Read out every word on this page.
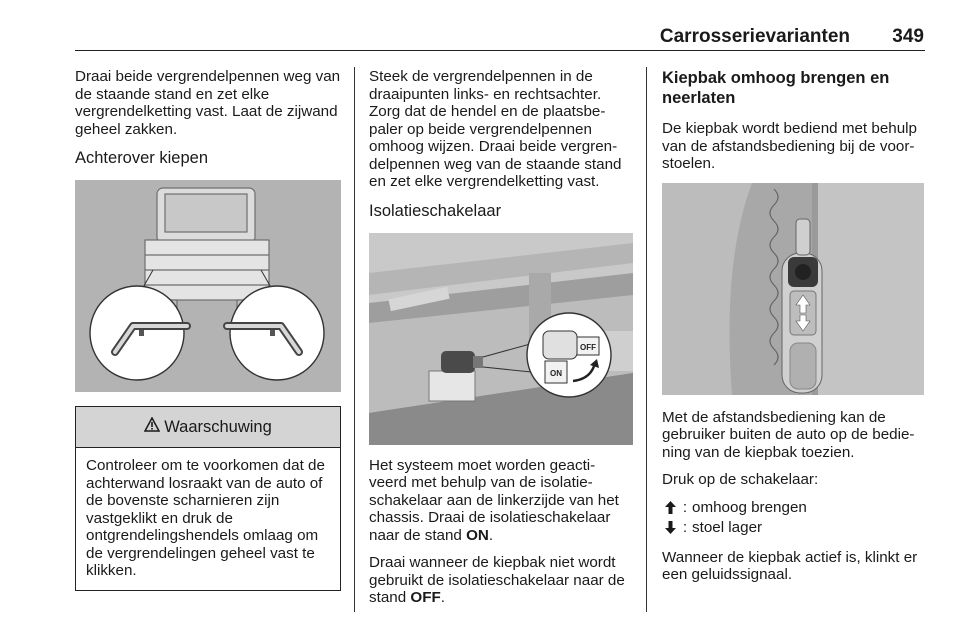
Carrosserievarianten	349

Draai beide vergrendelpennen weg van de staande stand en zet elke vergrendelketting vast. Laat de zijwand geheel zakken.

Achterover kiepen
Waarschuwing

Controleer om te voorkomen dat de achterwand losraakt van de auto of de bovenste scharnieren zijn vastgeklikt en druk de ontgrendelingshendels omlaag om de vergrendelingen geheel vast te klikken.

Steek de vergrendelpennen in de draaipunten links- en rechtsachter. Zorg dat de hendel en de plaatsbe-paler op beide vergrendelpennen omhoog wijzen. Draai beide vergren-delpennen weg van de staande stand en zet elke vergrendelketting vast.

Isolatieschakelaar
OFF
ON

Het systeem moet worden geacti-veerd met behulp van de isolatie-schakelaar aan de linkerzijde van het chassis. Draai de isolatieschakelaar naar de stand ON.

Draai wanneer de kiepbak niet wordt gebruikt de isolatieschakelaar naar de stand OFF.

Kiepbak omhoog brengen en neerlaten

De kiepbak wordt bediend met behulp van de afstandsbediening bij de voor-stoelen.

Met de afstandsbediening kan de gebruiker buiten de auto op de bedie-ning van de kiepbak toezien.

Druk op de schakelaar:

: omhoog brengen
: stoel lager

Wanneer de kiepbak actief is, klinkt er een geluidssignaal.
